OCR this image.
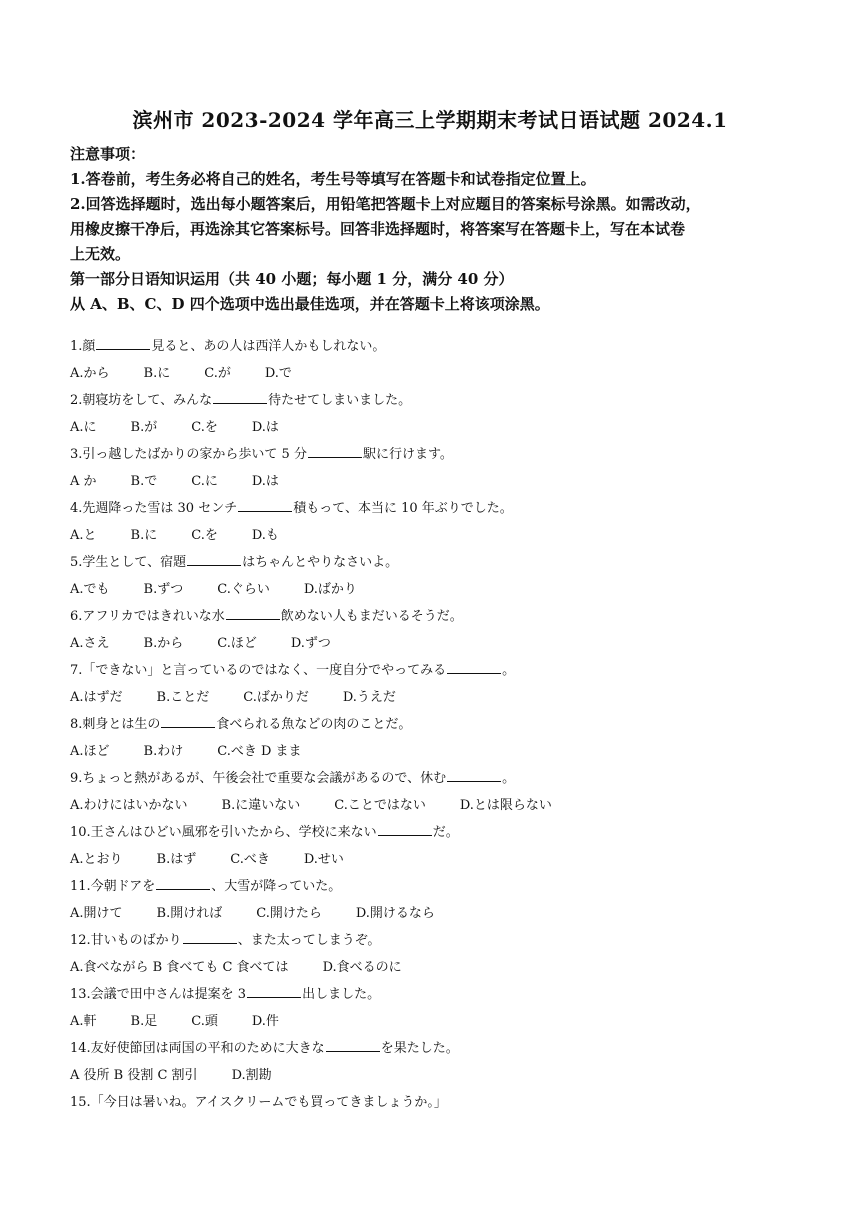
滨州市 2023-2024 学年高三上学期期末考试日语试题 2024.1
注意事项：
1.答卷前，考生务必将自己的姓名，考生号等填写在答题卡和试卷指定位置上。
2.回答选择题时，选出每小题答案后，用铅笔把答题卡上对应题目的答案标号涂黑。如需改动，
用橡皮擦干净后，再选涂其它答案标号。回答非选择题时，将答案写在答题卡上，写在本试卷
上无效。
第一部分日语知识运用（共 40 小题；每小题 1 分，满分 40 分）
从 A、B、C、D 四个选项中选出最佳选项，并在答题卡上将该项涂黑。
1.顔	見ると、あの人は西洋人かもしれない。
A.から	B.に	C.が	D.で
2.朝寝坊をして、みんな	待たせてしまいました。
A.に	B.が	C.を	D.は
3.引っ越したばかりの家から歩いて 5 分	駅に行けます。
A か	B.で	C.に	D.は
4.先週降った雪は 30 センチ	積もって、本当に 10 年ぶりでした。
A.と	B.に	C.を	D.も
5.学生として、宿題	はちゃんとやりなさいよ。
A.でも	B.ずつ	C.ぐらい	D.ばかり
6.アフリカではきれいな水	飲めない人もまだいるそうだ。
A.さえ	B.から	C.ほど	D.ずつ
7.「できない」と言っているのではなく、一度自分でやってみる	。
A.はずだ	B.ことだ	C.ばかりだ	D.うえだ
8.刺身とは生の	食べられる魚などの肉のことだ。
A.ほど	B.わけ	C.べき D まま
9.ちょっと熱があるが、午後会社で重要な会議があるので、休む	。
A.わけにはいかない	B.に違いない	C.ことではない	D.とは限らない
10.王さんはひどい風邪を引いたから、学校に来ない	だ。
A.とおり	B.はず	C.べき	D.せい
11.今朝ドアを	、大雪が降っていた。
A.開けて	B.開ければ	C.開けたら	D.開けるなら
12.甘いものばかり	、また太ってしまうぞ。
A.食べながら B 食べても C 食べては	D.食べるのに
13.会議で田中さんは提案を 3	出しました。
A.軒	B.足	C.頭	D.件
14.友好使節団は両国の平和のために大きな	を果たした。
A 役所 B 役割 C 割引	D.割勘
15.「今日は暑いね。アイスクリームでも買ってきましょうか。」
